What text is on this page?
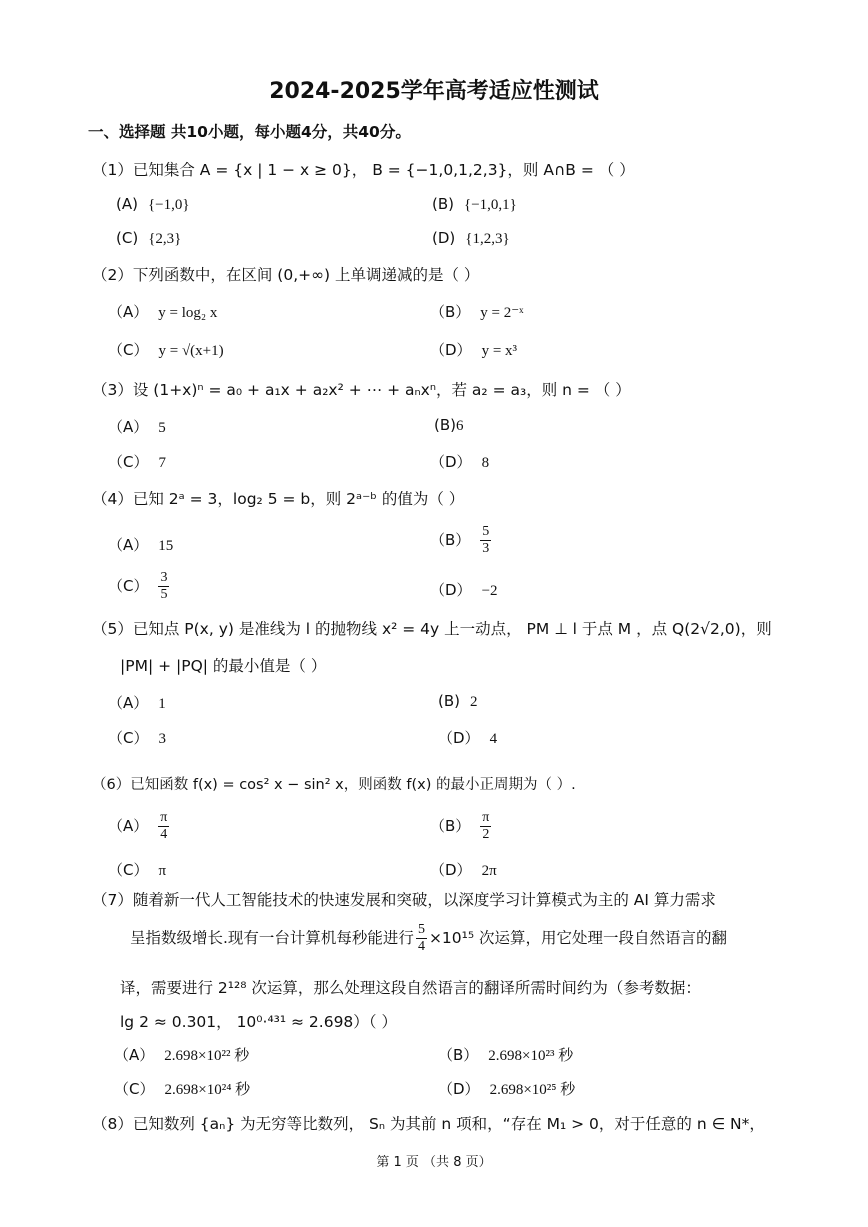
2024-2025学年高考适应性测试
一、选择题 共10小题，每小题4分，共40分。
（1）已知集合 A = {x | 1 − x ≥ 0}， B = {−1,0,1,2,3}，则 A∩B = （ ）
(A) {−1,0}	(B) {−1,0,1}
(C) {2,3}	(D) {1,2,3}
（2）下列函数中，在区间 (0,+∞) 上单调递减的是（ ）
（A） y = log₂ x	（B） y = 2⁻ˣ
（C） y = √(x+1)	（D） y = x³
（3）设 (1+x)ⁿ = a₀ + a₁x + a₂x² + ⋯ + aₙxⁿ，若 a₂ = a₃，则 n = （ ）
（A） 5	(B)6
（C） 7	（D） 8
（4）已知 2ᵃ = 3，log₂ 5 = b，则 2ᵃ⁻ᵇ 的值为（ ）
（A） 15	$(B) \frac{5}{3}$
$(C) \frac{3}{5}$	（D） −2
（5）已知点 P(x, y) 是准线为 l 的抛物线 x² = 4y 上一动点， PM ⊥ l 于点 M ，点 Q(2√2,0)，则
|PM| + |PQ| 的最小值是（ ）
（A） 1	(B) 2
（C） 3	（D） 4
（6）已知函数 f(x) = cos² x − sin² x，则函数 f(x) 的最小正周期为（ ）.
$(A) \frac{\pi}{4}$	$(B) \frac{\pi}{2}$
（C） π	（D） 2π
（7）随着新一代人工智能技术的快速发展和突破，以深度学习计算模式为主的 AI 算力需求
呈指数级增长.现有一台计算机每秒能进行 $\frac{5}{4} \times 10^{15}$ 次运算，用它处理一段自然语言的翻
译，需要进行 2¹²⁸ 次运算，那么处理这段自然语言的翻译所需时间约为（参考数据：
lg 2 ≈ 0.301， 10⁰·⁴³¹ ≈ 2.698）（ ）
（A） 2.698×10²² 秒	（B） 2.698×10²³ 秒
（C） 2.698×10²⁴ 秒	（D） 2.698×10²⁵ 秒
（8）已知数列 {aₙ} 为无穷等比数列， Sₙ 为其前 n 项和，“存在 M₁ > 0，对于任意的 n ∈ N*，
第 1 页 （共 8 页）
